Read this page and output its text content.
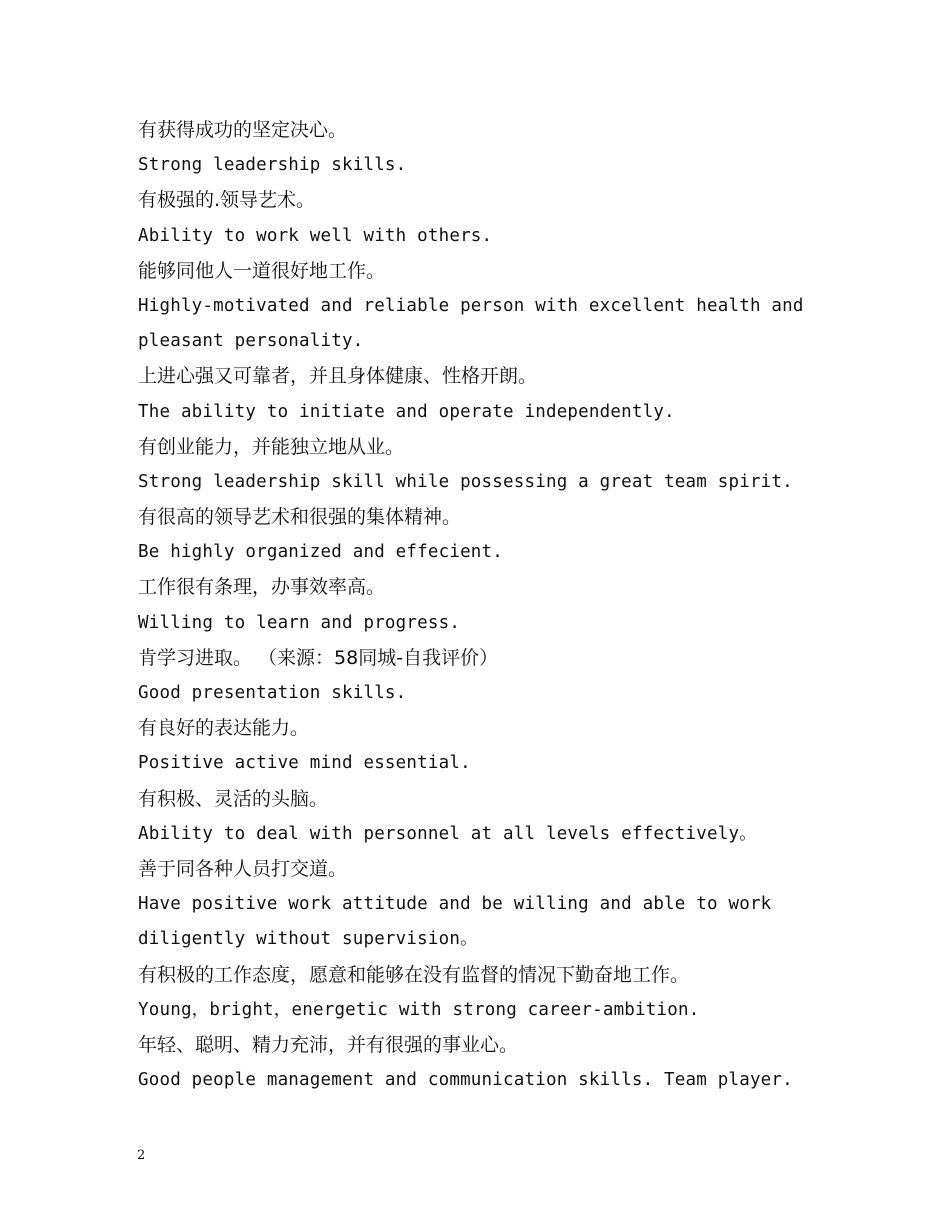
有获得成功的坚定决心。
Strong leadership skills.
有极强的.领导艺术。
Ability to work well with others.
能够同他人一道很好地工作。
Highly-motivated and reliable person with excellent health and
pleasant personality.
上进心强又可靠者，并且身体健康、性格开朗。
The ability to initiate and operate independently.
有创业能力，并能独立地从业。
Strong leadership skill while possessing a great team spirit.
有很高的领导艺术和很强的集体精神。
Be highly organized and effecient.
工作很有条理，办事效率高。
Willing to learn and progress.
肯学习进取。 （来源：58同城-自我评价）
Good presentation skills.
有良好的表达能力。
Positive active mind essential.
有积极、灵活的头脑。
Ability to deal with personnel at all levels effectively。
善于同各种人员打交道。
Have positive work attitude and be willing and able to work
diligently without supervision。
有积极的工作态度，愿意和能够在没有监督的情况下勤奋地工作。
Young，bright，energetic with strong career-ambition.
年轻、聪明、精力充沛，并有很强的事业心。
Good people management and communication skills. Team player.
2
